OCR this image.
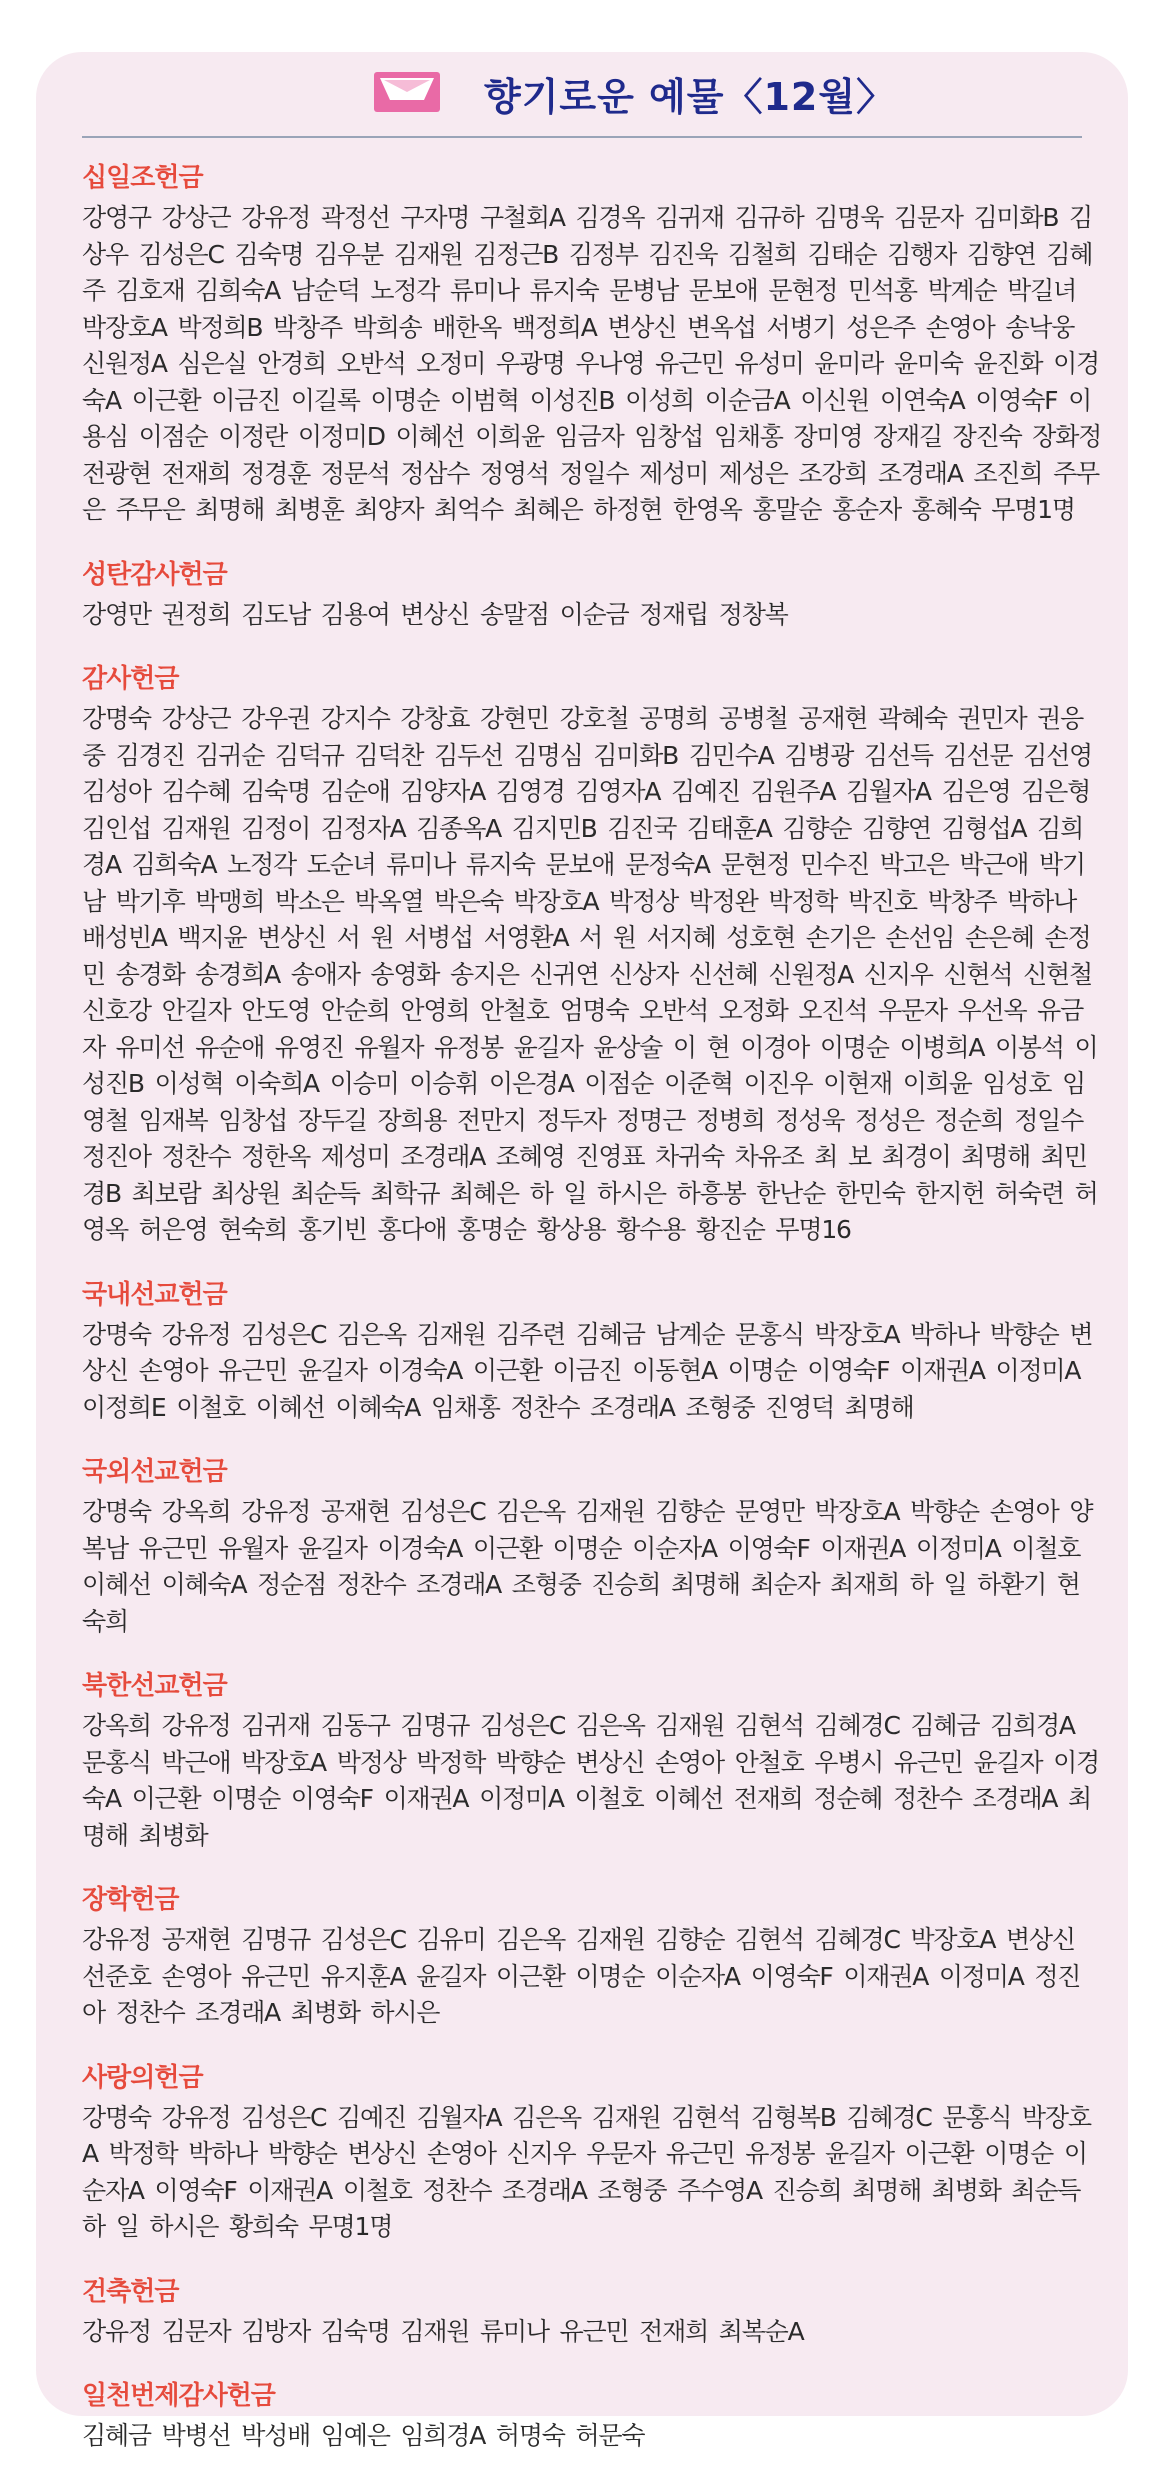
향기로운 예물〈12월〉
십일조헌금
강영구 강상근 강유정 곽정선 구자명 구철회A 김경옥 김귀재 김규하 김명욱 김문자 김미화B 김상우 김성은C 김숙명 김우분 김재원 김정근B 김정부 김진욱 김철희 김태순 김행자 김향연 김혜주 김호재 김희숙A 남순덕 노정각 류미나 류지숙 문병남 문보애 문현정 민석홍 박계순 박길녀 박장호A 박정희B 박창주 박희송 배한옥 백정희A 변상신 변옥섭 서병기 성은주 손영아 송낙웅 신원정A 심은실 안경희 오반석 오정미 우광명 우나영 유근민 유성미 윤미라 윤미숙 윤진화 이경숙A 이근환 이금진 이길록 이명순 이범혁 이성진B 이성희 이순금A 이신원 이연숙A 이영숙F 이용심 이점순 이정란 이정미D 이혜선 이희윤 임금자 임창섭 임채홍 장미영 장재길 장진숙 장화정 전광현 전재희 정경훈 정문석 정삼수 정영석 정일수 제성미 제성은 조강희 조경래A 조진희 주무은 주무은 최명해 최병훈 최양자 최억수 최혜은 하정현 한영옥 홍말순 홍순자 홍혜숙 무명1명
성탄감사헌금
강영만 권정희 김도남 김용여 변상신 송말점 이순금 정재립 정창복
감사헌금
강명숙 강상근 강우권 강지수 강창효 강현민 강호철 공명희 공병철 공재현 곽혜숙 권민자 권응중 김경진 김귀순 김덕규 김덕찬 김두선 김명심 김미화B 김민수A 김병광 김선득 김선문 김선영 김성아 김수혜 김숙명 김순애 김양자A 김영경 김영자A 김예진 김원주A 김월자A 김은영 김은형 김인섭 김재원 김정이 김정자A 김종옥A 김지민B 김진국 김태훈A 김향순 김향연 김형섭A 김희경A 김희숙A 노정각 도순녀 류미나 류지숙 문보애 문정숙A 문현정 민수진 박고은 박근애 박기남 박기후 박맹희 박소은 박옥열 박은숙 박장호A 박정상 박정완 박정학 박진호 박창주 박하나 배성빈A 백지윤 변상신 서 원 서병섭 서영환A 서 원 서지혜 성호현 손기은 손선임 손은혜 손정민 송경화 송경희A 송애자 송영화 송지은 신귀연 신상자 신선혜 신원정A 신지우 신현석 신현철 신호강 안길자 안도영 안순희 안영희 안철호 엄명숙 오반석 오정화 오진석 우문자 우선옥 유금자 유미선 유순애 유영진 유월자 유정봉 윤길자 윤상술 이 현 이경아 이명순 이병희A 이봉석 이성진B 이성혁 이숙희A 이승미 이승휘 이은경A 이점순 이준혁 이진우 이현재 이희윤 임성호 임영철 임재복 임창섭 장두길 장희용 전만지 정두자 정명근 정병희 정성욱 정성은 정순희 정일수 정진아 정찬수 정한옥 제성미 조경래A 조혜영 진영표 차귀숙 차유조 최 보 최경이 최명해 최민경B 최보람 최상원 최순득 최학규 최혜은 하 일 하시은 하흥봉 한난순 한민숙 한지헌 허숙련 허영옥 허은영 현숙희 홍기빈 홍다애 홍명순 황상용 황수용 황진순 무명16
국내선교헌금
강명숙 강유정 김성은C 김은옥 김재원 김주련 김혜금 남계순 문홍식 박장호A 박하나 박향순 변상신 손영아 유근민 윤길자 이경숙A 이근환 이금진 이동현A 이명순 이영숙F 이재권A 이정미A 이정희E 이철호 이혜선 이혜숙A 임채홍 정찬수 조경래A 조형중 진영덕 최명해
국외선교헌금
강명숙 강옥희 강유정 공재현 김성은C 김은옥 김재원 김향순 문영만 박장호A 박향순 손영아 양복남 유근민 유월자 윤길자 이경숙A 이근환 이명순 이순자A 이영숙F 이재권A 이정미A 이철호 이혜선 이혜숙A 정순점 정찬수 조경래A 조형중 진승희 최명해 최순자 최재희 하 일 하환기 현숙희
북한선교헌금
강옥희 강유정 김귀재 김동구 김명규 김성은C 김은옥 김재원 김현석 김혜경C 김혜금 김희경A 문홍식 박근애 박장호A 박정상 박정학 박향순 변상신 손영아 안철호 우병시 유근민 윤길자 이경숙A 이근환 이명순 이영숙F 이재권A 이정미A 이철호 이혜선 전재희 정순혜 정찬수 조경래A 최명해 최병화
장학헌금
강유정 공재현 김명규 김성은C 김유미 김은옥 김재원 김향순 김현석 김혜경C 박장호A 변상신 선준호 손영아 유근민 유지훈A 윤길자 이근환 이명순 이순자A 이영숙F 이재권A 이정미A 정진아 정찬수 조경래A 최병화 하시은
사랑의헌금
강명숙 강유정 김성은C 김예진 김월자A 김은옥 김재원 김현석 김형복B 김혜경C 문홍식 박장호A 박정학 박하나 박향순 변상신 손영아 신지우 우문자 유근민 유정봉 윤길자 이근환 이명순 이순자A 이영숙F 이재권A 이철호 정찬수 조경래A 조형중 주수영A 진승희 최명해 최병화 최순득 하 일 하시은 황희숙 무명1명
건축헌금
강유정 김문자 김방자 김숙명 김재원 류미나 유근민 전재희 최복순A
일천번제감사헌금
김혜금 박병선 박성배 임예은 임희경A 허명숙 허문숙
